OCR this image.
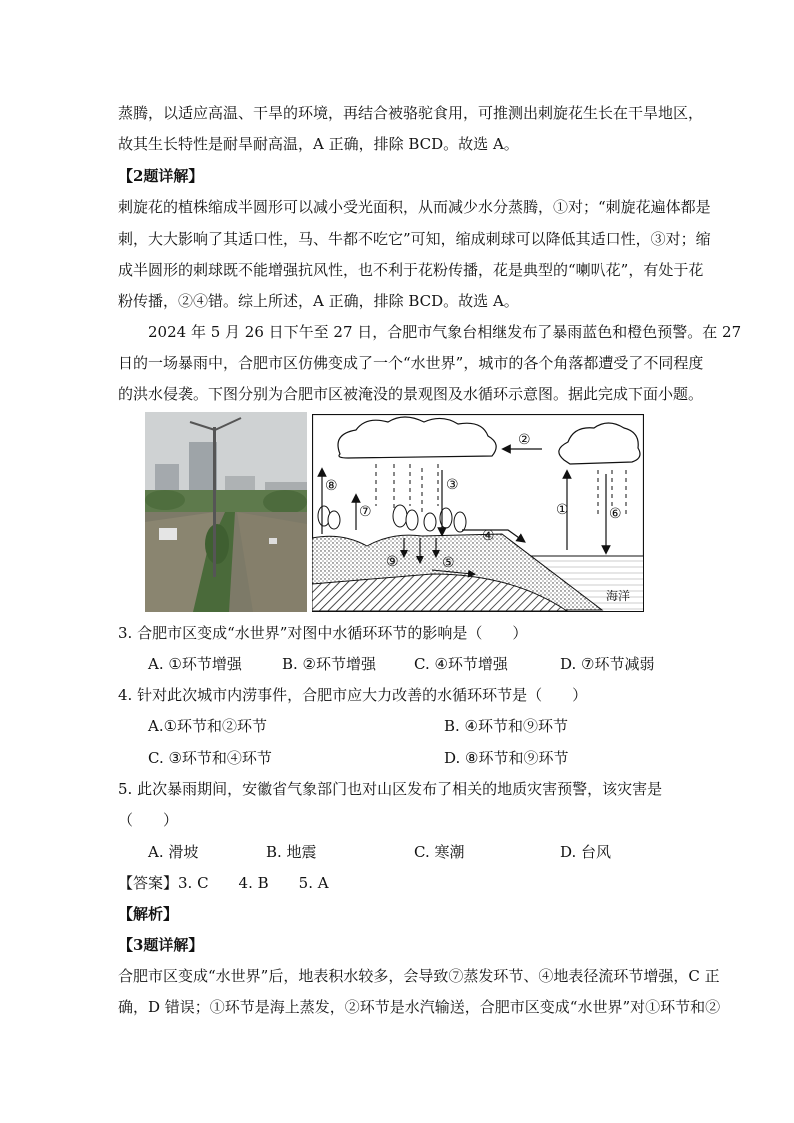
蒸腾，以适应高温、干旱的环境，再结合被骆驼食用，可推测出刺旋花生长在干旱地区，
故其生长特性是耐旱耐高温，A 正确，排除 BCD。故选 A。
【2题详解】
刺旋花的植株缩成半圆形可以减小受光面积，从而减少水分蒸腾，①对；“刺旋花遍体都是
刺，大大影响了其适口性，马、牛都不吃它”可知，缩成刺球可以降低其适口性，③对；缩
成半圆形的刺球既不能增强抗风性，也不利于花粉传播，花是典型的“喇叭花”，有处于花
粉传播，②④错。综上所述，A 正确，排除 BCD。故选 A。
2024 年 5 月 26 日下午至 27 日，合肥市气象台相继发布了暴雨蓝色和橙色预警。在 27
日的一场暴雨中，合肥市区仿佛变成了一个“水世界”，城市的各个角落都遭受了不同程度
的洪水侵袭。下图分别为合肥市区被淹没的景观图及水循环示意图。据此完成下面小题。
②
⑧
⑦
③
④
⑨	⑤
①	⑥
海洋
3. 合肥市区变成“水世界”对图中水循环环节的影响是（　　）
A. ①环节增强	B. ②环节增强	C. ④环节增强	D. ⑦环节减弱
4. 针对此次城市内涝事件，合肥市应大力改善的水循环环节是（　　）
A.①环节和②环节	B. ④环节和⑨环节
C. ③环节和④环节	D. ⑧环节和⑨环节
5. 此次暴雨期间，安徽省气象部门也对山区发布了相关的地质灾害预警，该灾害是
（　　）
A. 滑坡	B. 地震	C. 寒潮	D. 台风
【答案】3. C　　4. B　　5. A
【解析】
【3题详解】
合肥市区变成“水世界”后，地表积水较多，会导致⑦蒸发环节、④地表径流环节增强，C 正
确，D 错误；①环节是海上蒸发，②环节是水汽输送，合肥市区变成“水世界”对①环节和②
